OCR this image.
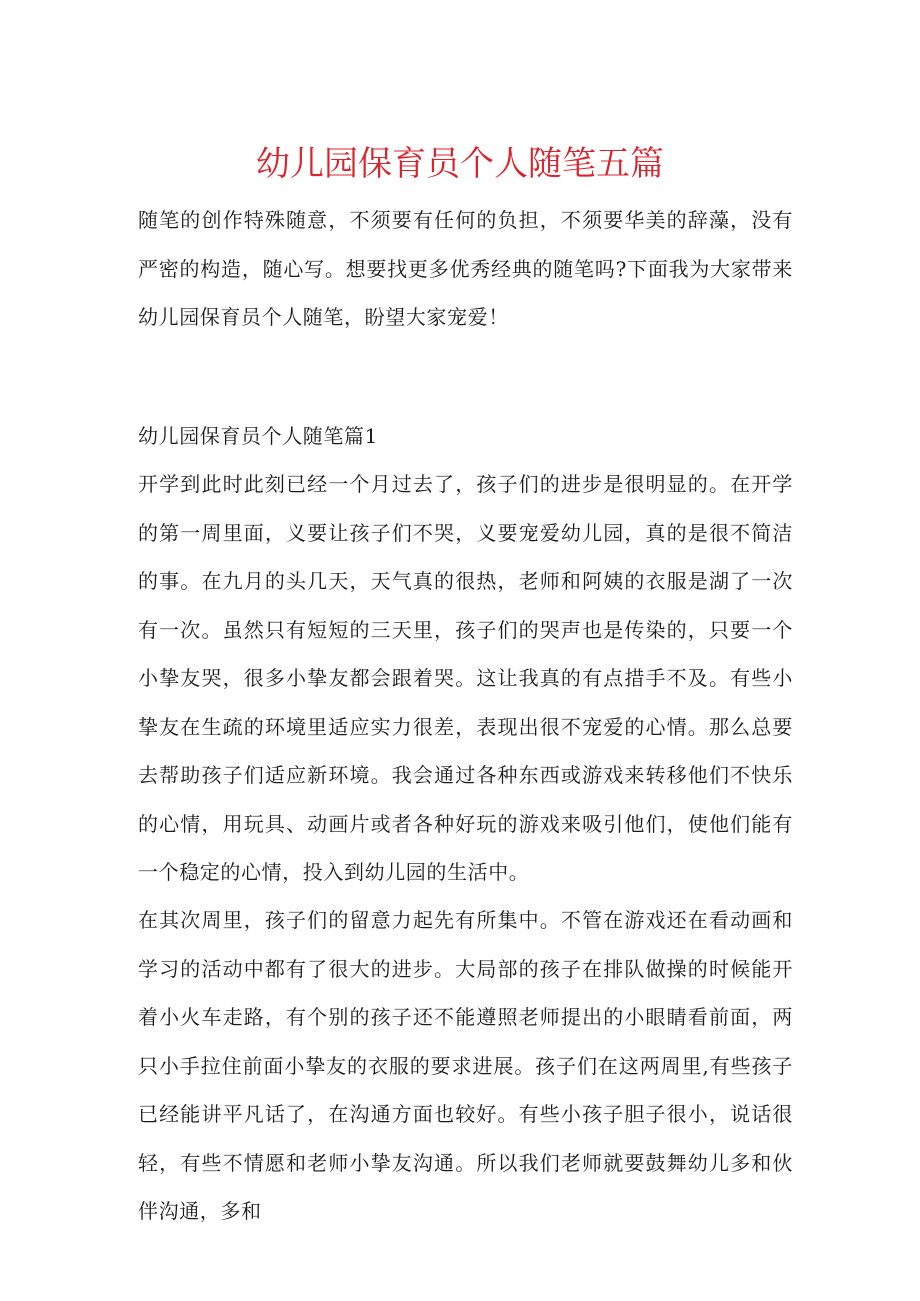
幼儿园保育员个人随笔五篇

随笔的创作特殊随意，不须要有任何的负担，不须要华美的辞藻，没有严密的构造，随心写。想要找更多优秀经典的随笔吗?下面我为大家带来幼儿园保育员个人随笔，盼望大家宠爱！

幼儿园保育员个人随笔篇1

开学到此时此刻已经一个月过去了，孩子们的进步是很明显的。在开学的第一周里面，义要让孩子们不哭，义要宠爱幼儿园，真的是很不简洁的事。在九月的头几天，天气真的很热，老师和阿姨的衣服是湖了一次有一次。虽然只有短短的三天里，孩子们的哭声也是传染的，只要一个小挚友哭，很多小挚友都会跟着哭。这让我真的有点措手不及。有些小挚友在生疏的环境里适应实力很差，表现出很不宠爱的心情。那么总要去帮助孩子们适应新环境。我会通过各种东西或游戏来转移他们不快乐的心情，用玩具、动画片或者各种好玩的游戏来吸引他们，使他们能有一个稳定的心情，投入到幼儿园的生活中。

在其次周里，孩子们的留意力起先有所集中。不管在游戏还在看动画和学习的活动中都有了很大的进步。大局部的孩子在排队做操的时候能开着小火车走路，有个别的孩子还不能遵照老师提出的小眼睛看前面，两只小手拉住前面小挚友的衣服的要求进展。孩子们在这两周里,有些孩子已经能讲平凡话了，在沟通方面也较好。有些小孩子胆子很小，说话很轻，有些不情愿和老师小挚友沟通。所以我们老师就要鼓舞幼儿多和伙伴沟通，多和
